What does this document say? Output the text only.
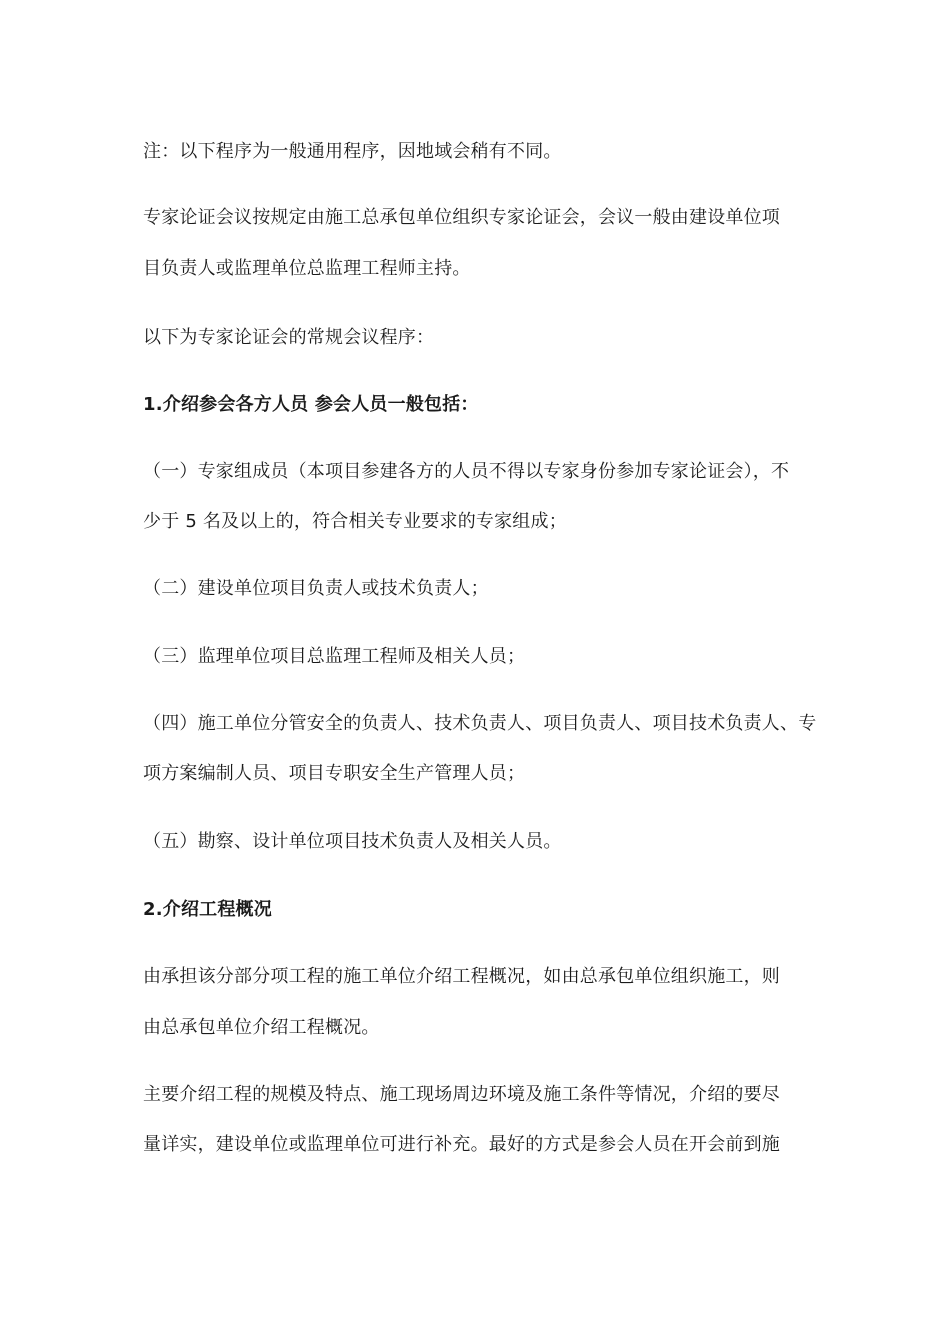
注：以下程序为一般通用程序，因地域会稍有不同。
专家论证会议按规定由施工总承包单位组织专家论证会，会议一般由建设单位项
目负责人或监理单位总监理工程师主持。
以下为专家论证会的常规会议程序：
1.介绍参会各方人员 参会人员一般包括：
（一）专家组成员（本项目参建各方的人员不得以专家身份参加专家论证会），不
少于 5 名及以上的，符合相关专业要求的专家组成；
（二）建设单位项目负责人或技术负责人；
（三）监理单位项目总监理工程师及相关人员；
（四）施工单位分管安全的负责人、技术负责人、项目负责人、项目技术负责人、专
项方案编制人员、项目专职安全生产管理人员；
（五）勘察、设计单位项目技术负责人及相关人员。
2.介绍工程概况
由承担该分部分项工程的施工单位介绍工程概况，如由总承包单位组织施工，则
由总承包单位介绍工程概况。
主要介绍工程的规模及特点、施工现场周边环境及施工条件等情况，介绍的要尽
量详实，建设单位或监理单位可进行补充。最好的方式是参会人员在开会前到施
